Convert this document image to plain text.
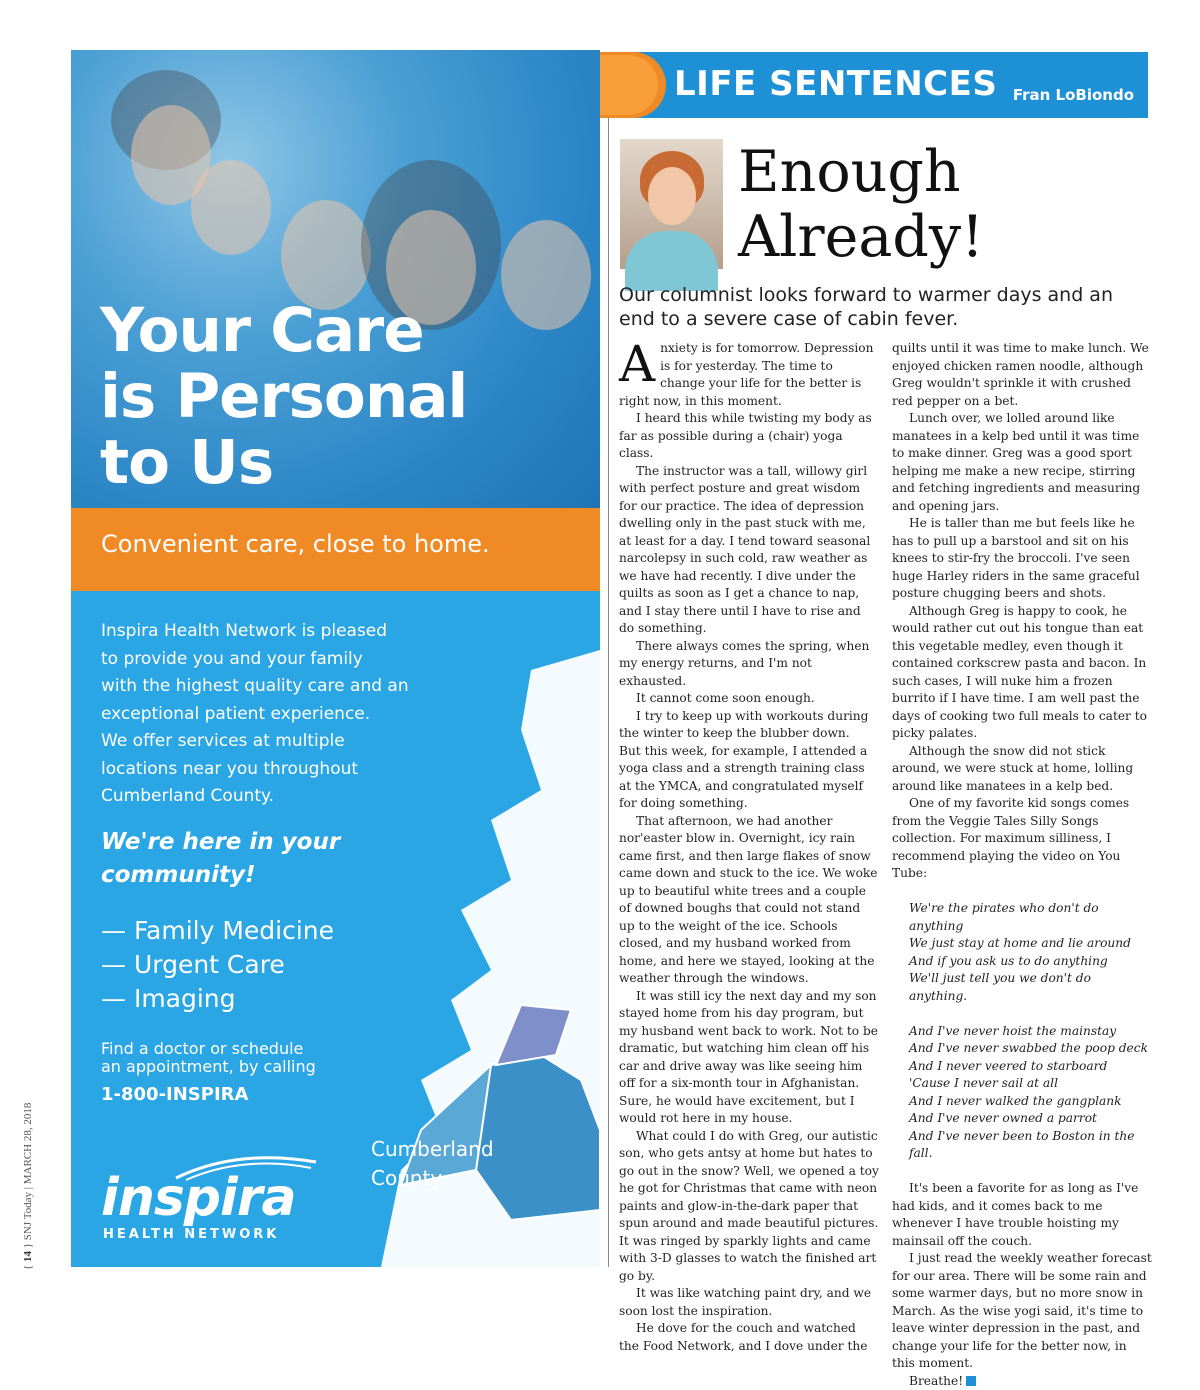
{ 14 } SNJ Today | MARCH 28, 2018
Your Care
is Personal
to Us
Convenient care, close to home.
Cumberland
County
Inspira Health Network is pleased
to provide you and your family
with the highest quality care and an
exceptional patient experience.
We offer services at multiple
locations near you throughout
Cumberland County.
We're here in your
community!
— Family Medicine
— Urgent Care
— Imaging
Find a doctor or schedule
an appointment, by calling
1-800-INSPIRA
inspira
HEALTH NETWORK
LIFE SENTENCES Fran LoBiondo
Enough
Already!
Our columnist looks forward to warmer days and an end to a severe case of cabin fever.

Anxiety is for tomorrow. Depression is for yesterday. The time to change your life for the better is right now, in this moment.

I heard this while twisting my body as far as possible during a (chair) yoga class.

The instructor was a tall, willowy girl with perfect posture and great wisdom for our practice. The idea of depression dwelling only in the past stuck with me, at least for a day. I tend toward seasonal narcolepsy in such cold, raw weather as we have had recently. I dive under the quilts as soon as I get a chance to nap, and I stay there until I have to rise and do something.

There always comes the spring, when my energy returns, and I'm not exhausted.

It cannot come soon enough.

I try to keep up with workouts during the winter to keep the blubber down.

But this week, for example, I attended a yoga class and a strength training class at the YMCA, and congratulated myself for doing something.

That afternoon, we had another nor'easter blow in. Overnight, icy rain came first, and then large flakes of snow came down and stuck to the ice. We woke up to beautiful white trees and a couple of downed boughs that could not stand up to the weight of the ice. Schools closed, and my husband worked from home, and here we stayed, looking at the weather through the windows.

It was still icy the next day and my son stayed home from his day program, but my husband went back to work. Not to be dramatic, but watching him clean off his car and drive away was like seeing him off for a six-month tour in Afghanistan. Sure, he would have excitement, but I would rot here in my house.

What could I do with Greg, our autistic son, who gets antsy at home but hates to go out in the snow? Well, we opened a toy he got for Christmas that came with neon paints and glow-in-the-dark paper that spun around and made beautiful pictures. It was ringed by sparkly lights and came with 3-D glasses to watch the finished art go by.

It was like watching paint dry, and we soon lost the inspiration.

He dove for the couch and watched the Food Network, and I dove under the

quilts until it was time to make lunch. We enjoyed chicken ramen noodle, although Greg wouldn't sprinkle it with crushed red pepper on a bet.

Lunch over, we lolled around like manatees in a kelp bed until it was time to make dinner. Greg was a good sport helping me make a new recipe, stirring and fetching ingredients and measuring and opening jars.

He is taller than me but feels like he has to pull up a barstool and sit on his knees to stir-fry the broccoli. I've seen huge Harley riders in the same graceful posture chugging beers and shots.

Although Greg is happy to cook, he would rather cut out his tongue than eat this vegetable medley, even though it contained corkscrew pasta and bacon. In such cases, I will nuke him a frozen burrito if I have time. I am well past the days of cooking two full meals to cater to picky palates.

Although the snow did not stick around, we were stuck at home, lolling around like manatees in a kelp bed.

One of my favorite kid songs comes from the Veggie Tales Silly Songs collection. For maximum silliness, I recommend playing the video on You Tube:

We're the pirates who don't do anything
We just stay at home and lie around
And if you ask us to do anything
We'll just tell you we don't do anything.
And I've never hoist the mainstay
And I've never swabbed the poop deck
And I never veered to starboard
'Cause I never sail at all
And I never walked the gangplank
And I've never owned a parrot
And I've never been to Boston in the fall.

It's been a favorite for as long as I've had kids, and it comes back to me whenever I have trouble hoisting my mainsail off the couch.

I just read the weekly weather forecast for our area. There will be some rain and some warmer days, but no more snow in March. As the wise yogi said, it's time to leave winter depression in the past, and change your life for the better now, in this moment.

Breathe!
